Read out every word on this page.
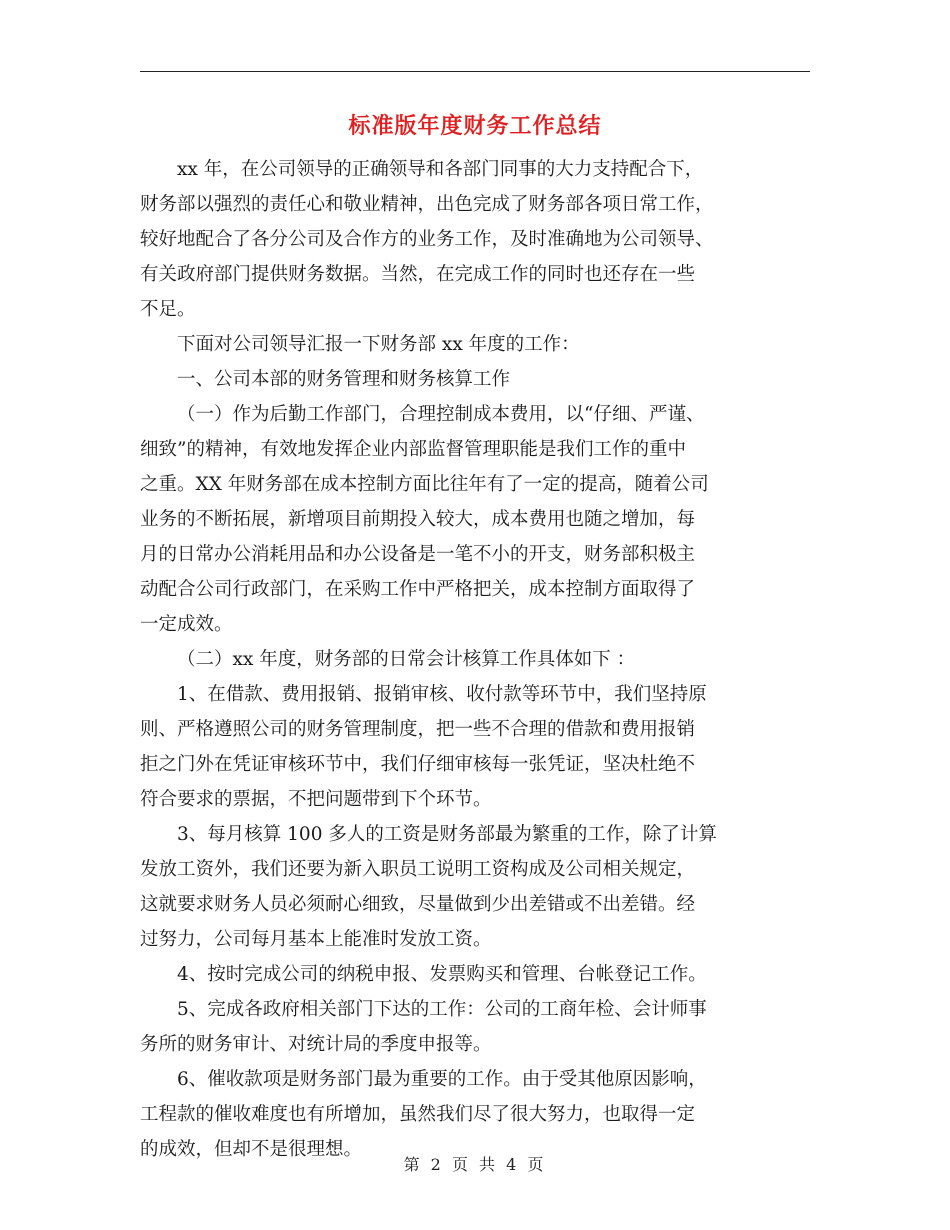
标准版年度财务工作总结

xx 年，在公司领导的正确领导和各部门同事的大力支持配合下，
财务部以强烈的责任心和敬业精神，出色完成了财务部各项日常工作，
较好地配合了各分公司及合作方的业务工作，及时准确地为公司领导、
有关政府部门提供财务数据。当然，在完成工作的同时也还存在一些
不足。

下面对公司领导汇报一下财务部 xx 年度的工作：

一、公司本部的财务管理和财务核算工作

（一）作为后勤工作部门，合理控制成本费用，以“仔细、严谨、
细致”的精神，有效地发挥企业内部监督管理职能是我们工作的重中
之重。XX 年财务部在成本控制方面比往年有了一定的提高，随着公司
业务的不断拓展，新增项目前期投入较大，成本费用也随之增加，每
月的日常办公消耗用品和办公设备是一笔不小的开支，财务部积极主
动配合公司行政部门，在采购工作中严格把关，成本控制方面取得了
一定成效。

（二）xx 年度，财务部的日常会计核算工作具体如下 ：

1、在借款、费用报销、报销审核、收付款等环节中，我们坚持原
则、严格遵照公司的财务管理制度，把一些不合理的借款和费用报销
拒之门外在凭证审核环节中，我们仔细审核每一张凭证，坚决杜绝不
符合要求的票据，不把问题带到下个环节。

3、每月核算 100 多人的工资是财务部最为繁重的工作，除了计算
发放工资外，我们还要为新入职员工说明工资构成及公司相关规定，
这就要求财务人员必须耐心细致，尽量做到少出差错或不出差错。经
过努力，公司每月基本上能准时发放工资。

4、按时完成公司的纳税申报、发票购买和管理、台帐登记工作。

5、完成各政府相关部门下达的工作：公司的工商年检、会计师事
务所的财务审计、对统计局的季度申报等。

6、催收款项是财务部门最为重要的工作。由于受其他原因影响，
工程款的催收难度也有所增加，虽然我们尽了很大努力，也取得一定
的成效，但却不是很理想。

第 2 页 共 4 页
